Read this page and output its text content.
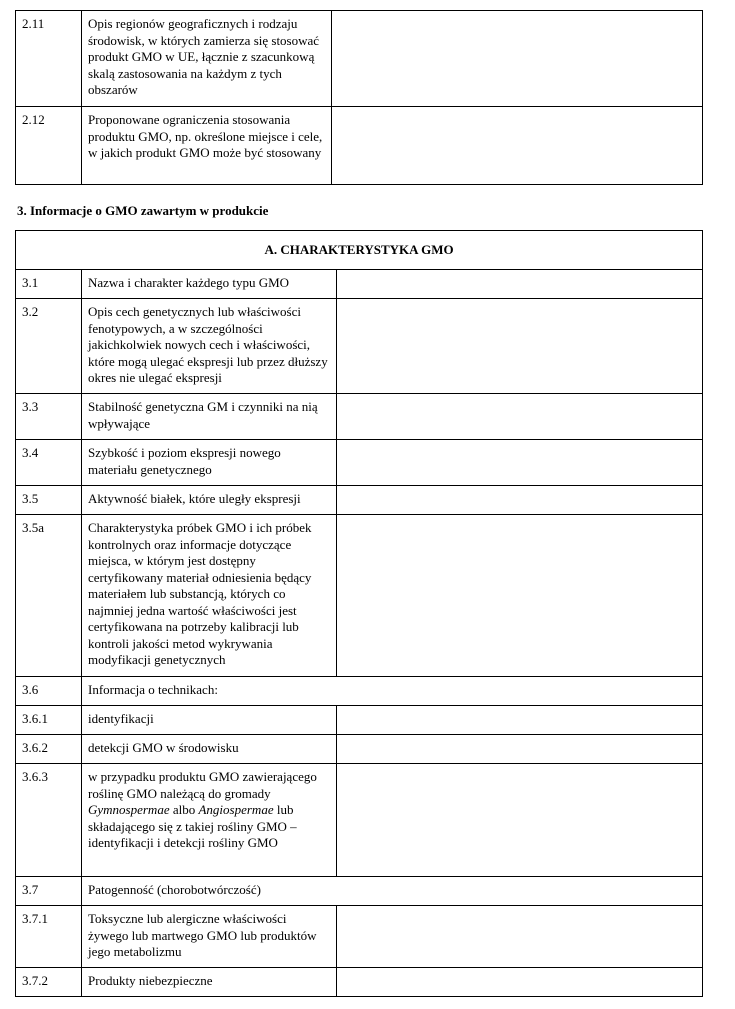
2.11	Opis regionów geograficznych i rodzaju środowisk, w których zamierza się stosować produkt GMO w UE, łącznie z szacunkową skalą zastosowania na każdym z tych obszarów	

2.12	Proponowane ograniczenia stosowania produktu GMO, np. określone miejsce i cele, w jakich produkt GMO może być stosowany	

3. Informacje o GMO zawartym w produkcie
A. CHARAKTERYSTYKA GMO		

3.1	Nazwa i charakter każdego typu GMO	

3.2	Opis cech genetycznych lub właściwości fenotypowych, a w szczególności jakichkolwiek nowych cech i właściwości, które mogą ulegać ekspresji lub przez dłuższy okres nie ulegać ekspresji	

3.3	Stabilność genetyczna GM i czynniki na nią wpływające	

3.4	Szybkość i poziom ekspresji nowego materiału genetycznego	

3.5	Aktywność białek, które uległy ekspresji	

3.5a	Charakterystyka próbek GMO i ich próbek kontrolnych oraz informacje dotyczące miejsca, w którym jest dostępny certyfikowany materiał odniesienia będący materiałem lub substancją, których co najmniej jedna wartość właściwości jest certyfikowana na potrzeby kalibracji lub kontroli jakości metod wykrywania modyfikacji genetycznych	

3.6	Informacja o technikach:	

3.6.1	identyfikacji	

3.6.2	detekcji GMO w środowisku	

3.6.3	w przypadku produktu GMO zawierającego roślinę GMO należącą do gromady Gymnospermae albo Angiospermae lub składającego się z takiej rośliny GMO – identyfikacji i detekcji rośliny GMO	

3.7	Patogenność (chorobotwórczość)	

3.7.1	Toksyczne lub alergiczne właściwości żywego lub martwego GMO lub produktów jego metabolizmu	

3.7.2	Produkty niebezpieczne	
